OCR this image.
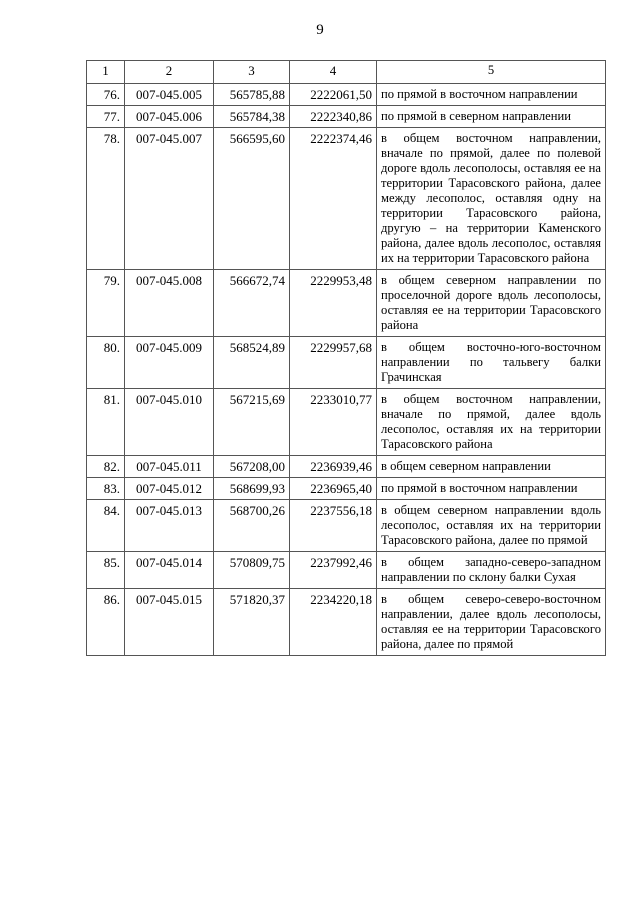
9
1	2	3	4	5
76.	007-045.005	565785,88	2222061,50	по прямой в восточном направлении
77.	007-045.006	565784,38	2222340,86	по прямой в северном направлении
78.	007-045.007	566595,60	2222374,46	в общем восточном направлении, вначале по прямой, далее по полевой дороге вдоль лесополосы, оставляя ее на территории Тарасовского района, далее между лесополос, оставляя одну на территории Тарасовского района, другую – на территории Каменского района, далее вдоль лесополос, оставляя их на территории Тарасовского района
79.	007-045.008	566672,74	2229953,48	в общем северном направлении по проселочной дороге вдоль лесополосы, оставляя ее на территории Тарасовского района
80.	007-045.009	568524,89	2229957,68	в общем восточно-юго-восточном направлении по тальвегу балки Грачинская
81.	007-045.010	567215,69	2233010,77	в общем восточном направлении, вначале по прямой, далее вдоль лесополос, оставляя их на территории Тарасовского района
82.	007-045.011	567208,00	2236939,46	в общем северном направлении
83.	007-045.012	568699,93	2236965,40	по прямой в восточном направлении
84.	007-045.013	568700,26	2237556,18	в общем северном направлении вдоль лесополос, оставляя их на территории Тарасовского района, далее по прямой
85.	007-045.014	570809,75	2237992,46	в общем западно-северо-западном направлении по склону балки Сухая
86.	007-045.015	571820,37	2234220,18	в общем северо-северо-восточном направлении, далее вдоль лесополосы, оставляя ее на территории Тарасовского района, далее по прямой
